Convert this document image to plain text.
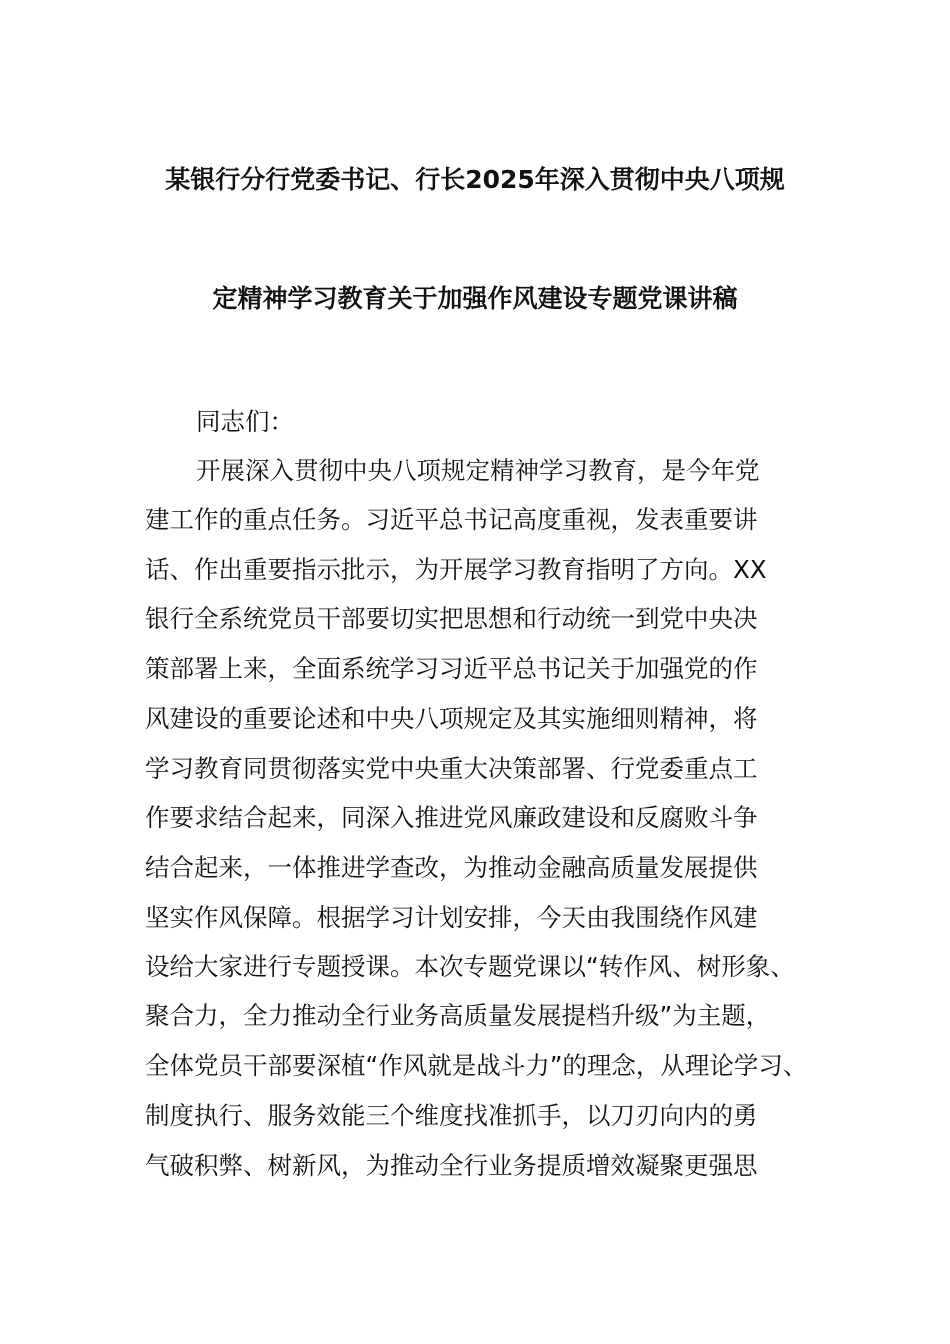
某银行分行党委书记、行长2025年深入贯彻中央八项规
定精神学习教育关于加强作风建设专题党课讲稿
同志们：
开展深入贯彻中央八项规定精神学习教育，是今年党
建工作的重点任务。习近平总书记高度重视，发表重要讲
话、作出重要指示批示，为开展学习教育指明了方向。XX
银行全系统党员干部要切实把思想和行动统一到党中央决
策部署上来，全面系统学习习近平总书记关于加强党的作
风建设的重要论述和中央八项规定及其实施细则精神，将
学习教育同贯彻落实党中央重大决策部署、行党委重点工
作要求结合起来，同深入推进党风廉政建设和反腐败斗争
结合起来，一体推进学查改，为推动金融高质量发展提供
坚实作风保障。根据学习计划安排，今天由我围绕作风建
设给大家进行专题授课。本次专题党课以“转作风、树形象、
聚合力，全力推动全行业务高质量发展提档升级”为主题，
全体党员干部要深植“作风就是战斗力”的理念，从理论学习、
制度执行、服务效能三个维度找准抓手，以刀刃向内的勇
气破积弊、树新风，为推动全行业务提质增效凝聚更强思
